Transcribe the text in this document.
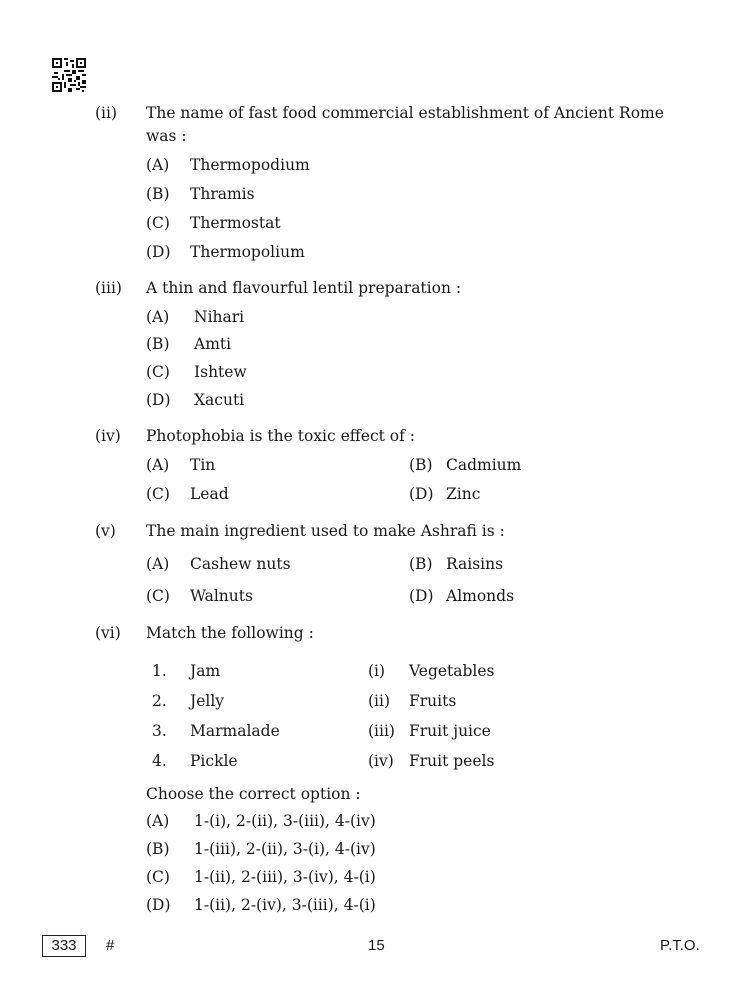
(ii) The name of fast food commercial establishment of Ancient Rome
was :
(A) Thermopodium
(B) Thramis
(C) Thermostat
(D) Thermopolium
(iii) A thin and flavourful lentil preparation :
(A) Nihari
(B) Amti
(C) Ishtew
(D) Xacuti
(iv) Photophobia is the toxic effect of :
(A) Tin	(B) Cadmium
(C) Lead	(D) Zinc
(v) The main ingredient used to make Ashrafi is :
(A) Cashew nuts	(B) Raisins
(C) Walnuts	(D) Almonds
(vi) Match the following :
1. Jam	(i) Vegetables
2. Jelly	(ii) Fruits
3. Marmalade	(iii) Fruit juice
4. Pickle	(iv) Fruit peels
Choose the correct option :
(A) 1-(i), 2-(ii), 3-(iii), 4-(iv)
(B) 1-(iii), 2-(ii), 3-(i), 4-(iv)
(C) 1-(ii), 2-(iii), 3-(iv), 4-(i)
(D) 1-(ii), 2-(iv), 3-(iii), 4-(i)
333	#	15	P.T.O.
